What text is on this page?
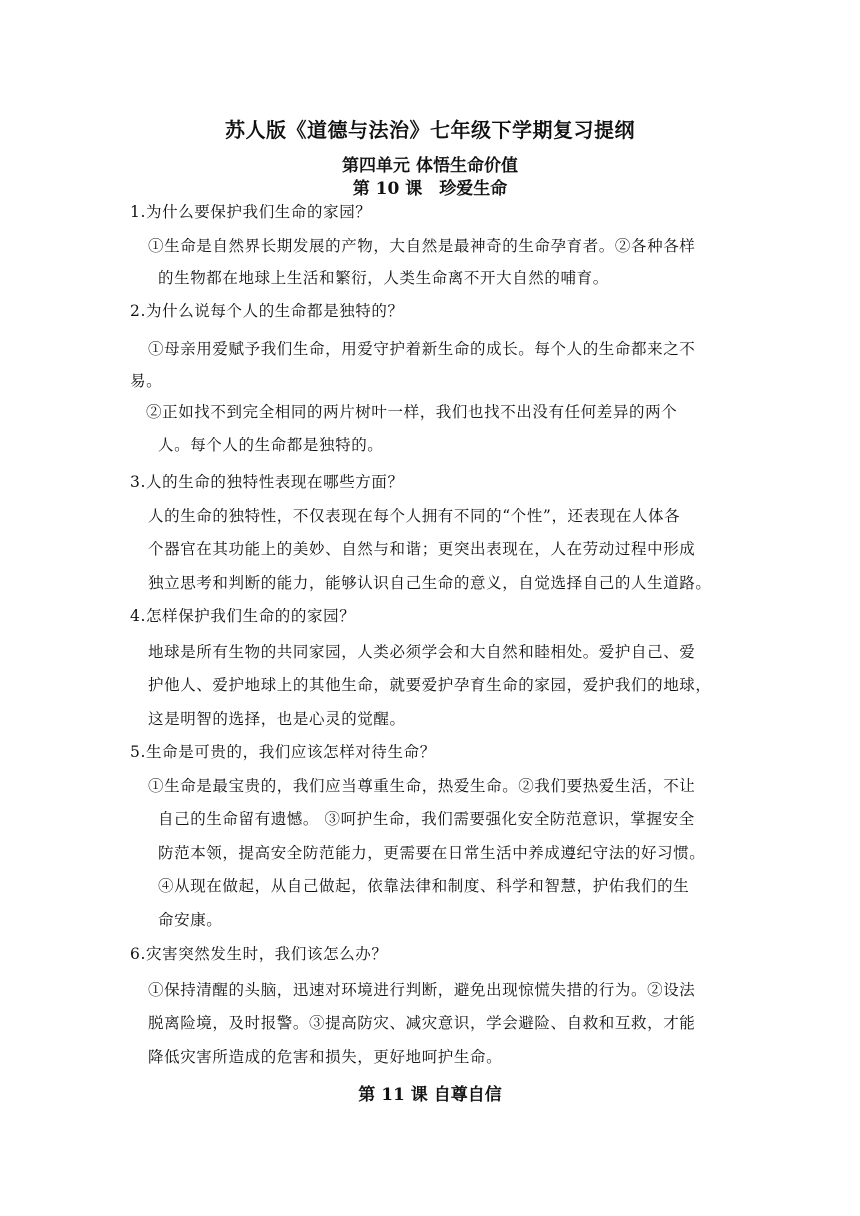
苏人版《道德与法治》七年级下学期复习提纲
第四单元 体悟生命价值
第 10 课　珍爱生命
1.为什么要保护我们生命的家园？
①生命是自然界长期发展的产物，大自然是最神奇的生命孕育者。②各种各样
的生物都在地球上生活和繁衍，人类生命离不开大自然的哺育。
2.为什么说每个人的生命都是独特的？
①母亲用爱赋予我们生命，用爱守护着新生命的成长。每个人的生命都来之不
易。
②正如找不到完全相同的两片树叶一样，我们也找不出没有任何差异的两个
人。每个人的生命都是独特的。
3.人的生命的独特性表现在哪些方面？
人的生命的独特性，不仅表现在每个人拥有不同的“个性”，还表现在人体各
个器官在其功能上的美妙、自然与和谐；更突出表现在，人在劳动过程中形成
独立思考和判断的能力，能够认识自己生命的意义，自觉选择自己的人生道路。
4.怎样保护我们生命的的家园？
地球是所有生物的共同家园，人类必须学会和大自然和睦相处。爱护自己、爱
护他人、爱护地球上的其他生命，就要爱护孕育生命的家园，爱护我们的地球，
这是明智的选择，也是心灵的觉醒。
5.生命是可贵的，我们应该怎样对待生命？
①生命是最宝贵的，我们应当尊重生命，热爱生命。②我们要热爱生活，不让
自己的生命留有遗憾。 ③呵护生命，我们需要强化安全防范意识，掌握安全
防范本领，提高安全防范能力，更需要在日常生活中养成遵纪守法的好习惯。
④从现在做起，从自己做起，依靠法律和制度、科学和智慧，护佑我们的生
命安康。
6.灾害突然发生时，我们该怎么办？
①保持清醒的头脑，迅速对环境进行判断，避免出现惊慌失措的行为。②设法
脱离险境，及时报警。③提高防灾、减灾意识，学会避险、自救和互救，才能
降低灾害所造成的危害和损失，更好地呵护生命。
第 11 课 自尊自信
